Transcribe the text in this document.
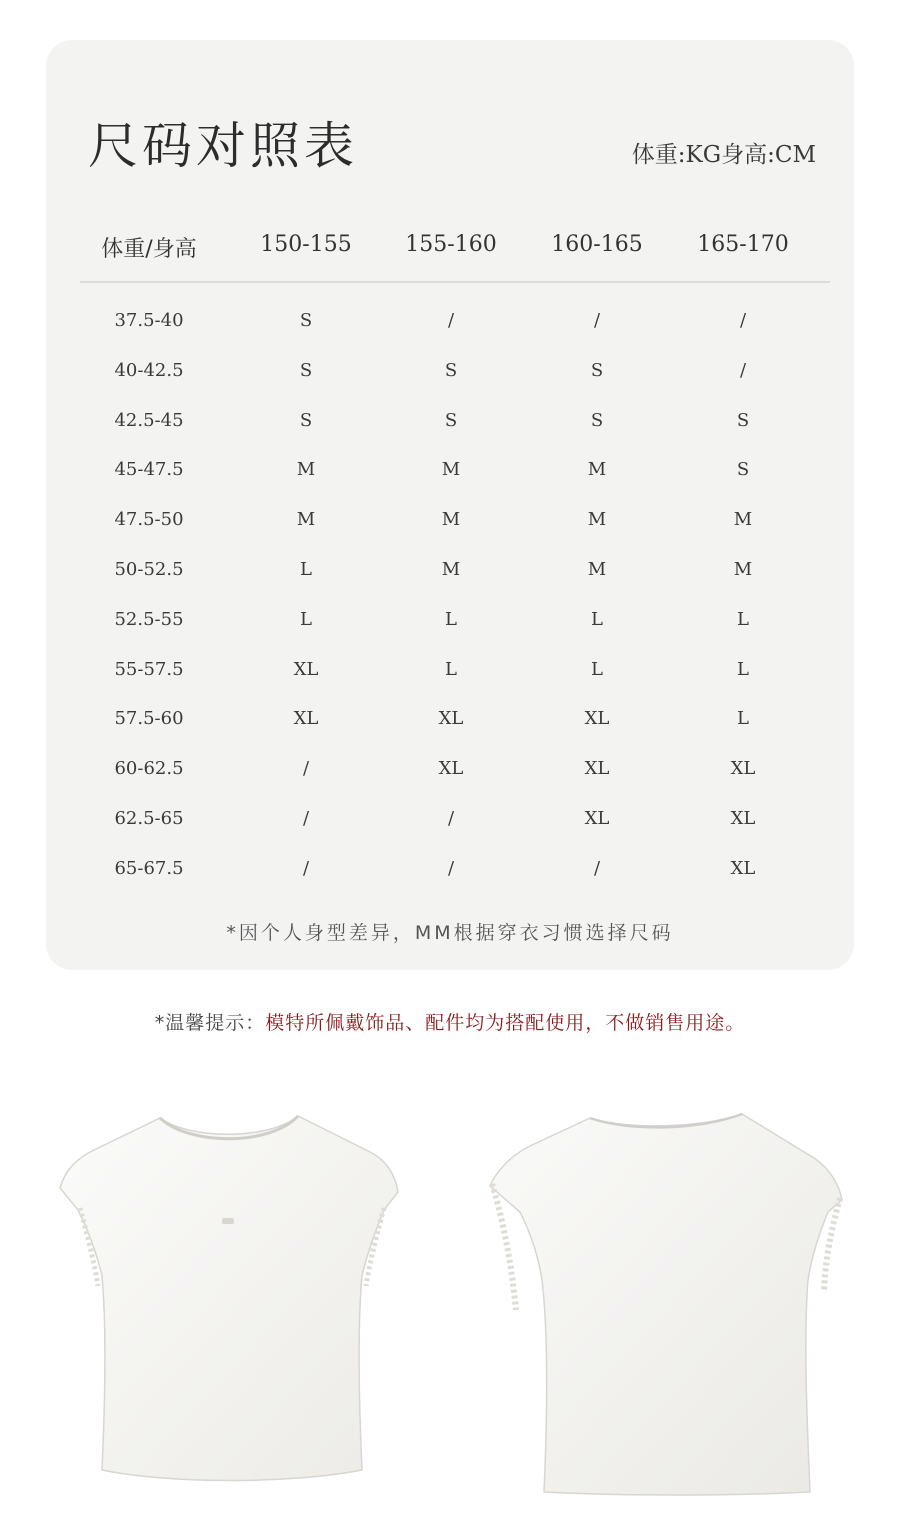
尺码对照表	体重:KG身高:CM
体重/身高	150-155	155-160	160-165	165-170
37.5-40	S	/	/	/
40-42.5	S	S	S	/
42.5-45	S	S	S	S
45-47.5	M	M	M	S
47.5-50	M	M	M	M
50-52.5	L	M	M	M
52.5-55	L	L	L	L
55-57.5	XL	L	L	L
57.5-60	XL	XL	XL	L
60-62.5	/	XL	XL	XL
62.5-65	/	/	XL	XL
65-67.5	/	/	/	XL
*因个人身型差异，MM根据穿衣习惯选择尺码
*温馨提示：模特所佩戴饰品、配件均为搭配使用，不做销售用途。
